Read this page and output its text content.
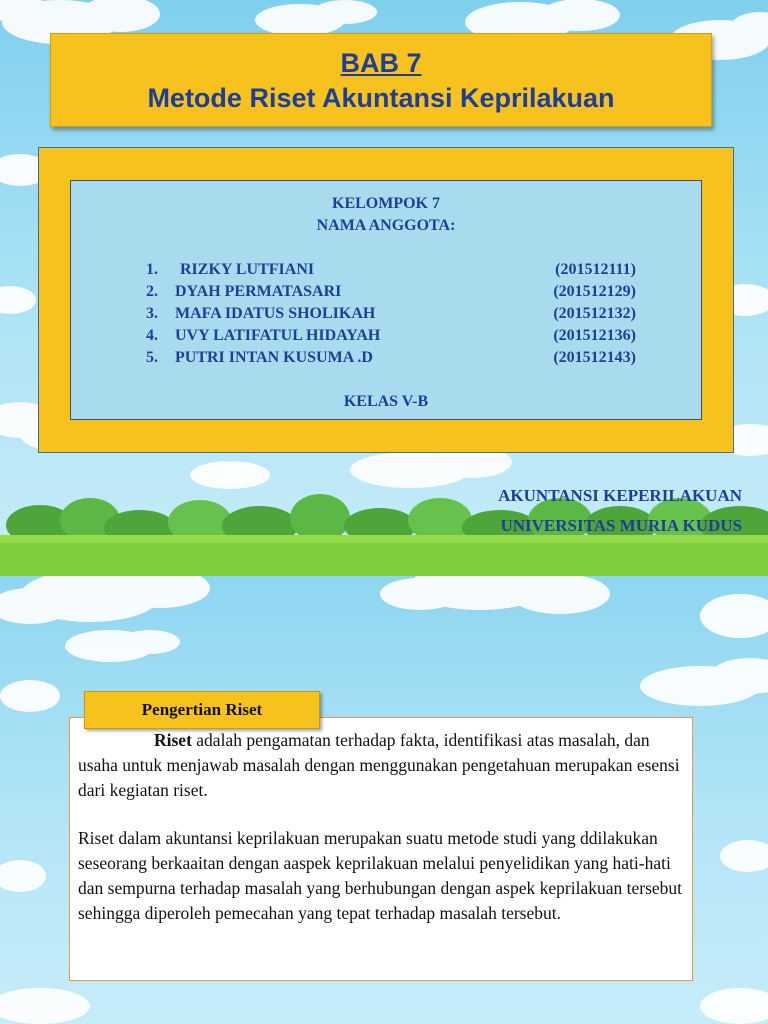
BAB 7
Metode Riset Akuntansi Keprilakuan
KELOMPOK 7
NAMA ANGGOTA:
1. RIZKY LUTFIANI	(201512111)
2. DYAH PERMATASARI	(201512129)
3. MAFA IDATUS SHOLIKAH	(201512132)
4. UVY LATIFATUL HIDAYAH	(201512136)
5. PUTRI INTAN KUSUMA .D	(201512143)
KELAS V-B
AKUNTANSI KEPERILAKUAN
UNIVERSITAS MURIA KUDUS
Pengertian Riset
Riset adalah pengamatan terhadap fakta, identifikasi atas masalah, dan usaha untuk menjawab masalah dengan menggunakan pengetahuan merupakan esensi dari kegiatan riset.
Riset dalam akuntansi keprilakuan merupakan suatu metode studi yang ddilakukan seseorang berkaaitan dengan aaspek keprilakuan melalui penyelidikan yang hati-hati dan sempurna terhadap masalah yang berhubungan dengan aspek keprilakuan tersebut sehingga diperoleh pemecahan yang tepat terhadap masalah tersebut.
